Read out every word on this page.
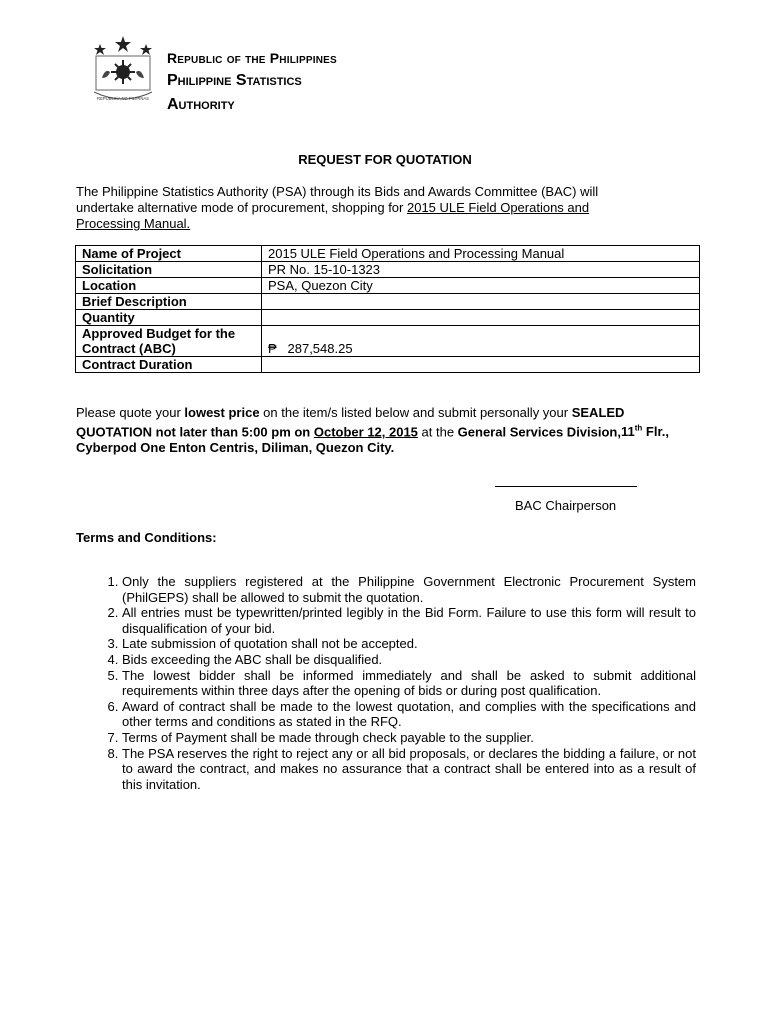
REPUBLIKA NG PILIPINAS
Republic of the Philippines
Philippine Statistics
Authority
REQUEST FOR QUOTATION
The Philippine Statistics Authority (PSA) through its Bids and Awards Committee (BAC) will undertake alternative mode of procurement, shopping for 2015 ULE Field Operations and Processing Manual.
Name of Project	2015 ULE Field Operations and Processing Manual
Solicitation	PR No. 15-10-1323
Location	PSA, Quezon City
Brief Description	
Quantity	
Approved Budget for the Contract (ABC)	₱   287,548.25
Contract Duration	
Please quote your lowest price on the item/s listed below and submit personally your SEALED QUOTATION not later than 5:00 pm on October 12, 2015 at the General Services Division,11th Flr., Cyberpod One Enton Centris, Diliman, Quezon City.
BAC Chairperson
Terms and Conditions:
1. Only the suppliers registered at the Philippine Government Electronic Procurement System (PhilGEPS) shall be allowed to submit the quotation.
2. All entries must be typewritten/printed legibly in the Bid Form. Failure to use this form will result to disqualification of your bid.
3. Late submission of quotation shall not be accepted.
4. Bids exceeding the ABC shall be disqualified.
5. The lowest bidder shall be informed immediately and shall be asked to submit additional requirements within three days after the opening of bids or during post qualification.
6. Award of contract shall be made to the lowest quotation, and complies with the specifications and other terms and conditions as stated in the RFQ.
7. Terms of Payment shall be made through check payable to the supplier.
8. The PSA reserves the right to reject any or all bid proposals, or declares the bidding a failure, or not to award the contract, and makes no assurance that a contract shall be entered into as a result of this invitation.
